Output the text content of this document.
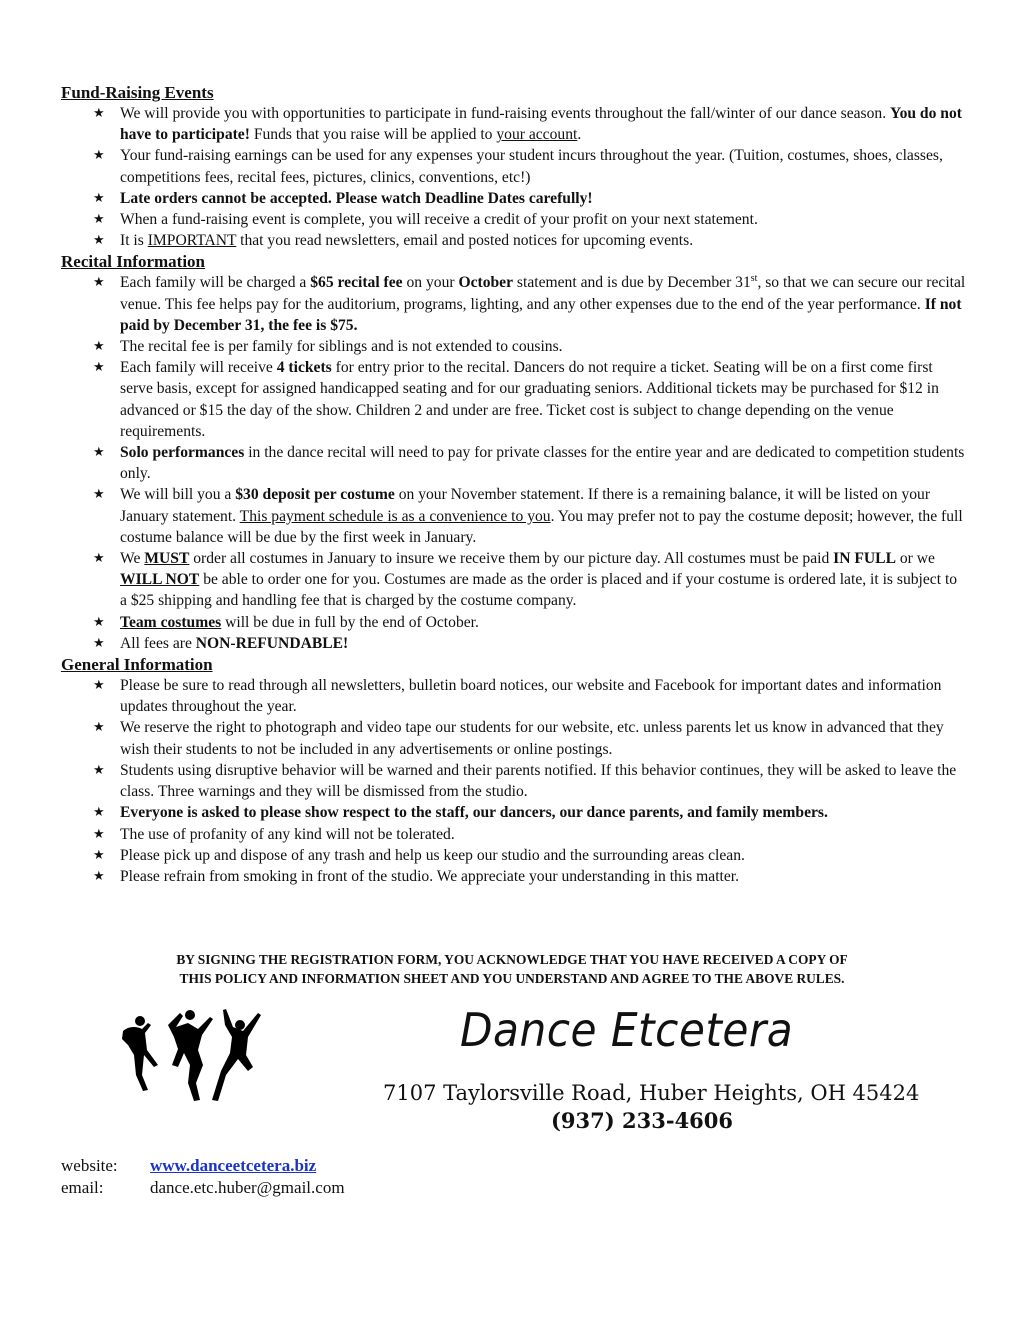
Fund-Raising Events
★ We will provide you with opportunities to participate in fund-raising events throughout the fall/winter of our dance season. You do not have to participate! Funds that you raise will be applied to your account.
★ Your fund-raising earnings can be used for any expenses your student incurs throughout the year. (Tuition, costumes, shoes, classes, competitions fees, recital fees, pictures, clinics, conventions, etc!)
★ Late orders cannot be accepted. Please watch Deadline Dates carefully!
★ When a fund-raising event is complete, you will receive a credit of your profit on your next statement.
★ It is IMPORTANT that you read newsletters, email and posted notices for upcoming events.
Recital Information
★ Each family will be charged a $65 recital fee on your October statement and is due by December 31st, so that we can secure our recital venue. This fee helps pay for the auditorium, programs, lighting, and any other expenses due to the end of the year performance. If not paid by December 31, the fee is $75.
★ The recital fee is per family for siblings and is not extended to cousins.
★ Each family will receive 4 tickets for entry prior to the recital. Dancers do not require a ticket. Seating will be on a first come first serve basis, except for assigned handicapped seating and for our graduating seniors. Additional tickets may be purchased for $12 in advanced or $15 the day of the show. Children 2 and under are free. Ticket cost is subject to change depending on the venue requirements.
★ Solo performances in the dance recital will need to pay for private classes for the entire year and are dedicated to competition students only.
★ We will bill you a $30 deposit per costume on your November statement. If there is a remaining balance, it will be listed on your January statement. This payment schedule is as a convenience to you. You may prefer not to pay the costume deposit; however, the full costume balance will be due by the first week in January.
★ We MUST order all costumes in January to insure we receive them by our picture day. All costumes must be paid IN FULL or we WILL NOT be able to order one for you. Costumes are made as the order is placed and if your costume is ordered late, it is subject to a $25 shipping and handling fee that is charged by the costume company.
★ Team costumes will be due in full by the end of October.
★ All fees are NON-REFUNDABLE!
General Information
★ Please be sure to read through all newsletters, bulletin board notices, our website and Facebook for important dates and information updates throughout the year.
★ We reserve the right to photograph and video tape our students for our website, etc. unless parents let us know in advanced that they wish their students to not be included in any advertisements or online postings.
★ Students using disruptive behavior will be warned and their parents notified. If this behavior continues, they will be asked to leave the class. Three warnings and they will be dismissed from the studio.
★ Everyone is asked to please show respect to the staff, our dancers, our dance parents, and family members.
★ The use of profanity of any kind will not be tolerated.
★ Please pick up and dispose of any trash and help us keep our studio and the surrounding areas clean.
★ Please refrain from smoking in front of the studio. We appreciate your understanding in this matter.
BY SIGNING THE REGISTRATION FORM, YOU ACKNOWLEDGE THAT YOU HAVE RECEIVED A COPY OF
THIS POLICY AND INFORMATION SHEET AND YOU UNDERSTAND AND AGREE TO THE ABOVE RULES.
Dance Etcetera
7107 Taylorsville Road, Huber Heights, OH 45424
(937) 233-4606
website:	www.danceetcetera.biz
email:	dance.etc.huber@gmail.com
